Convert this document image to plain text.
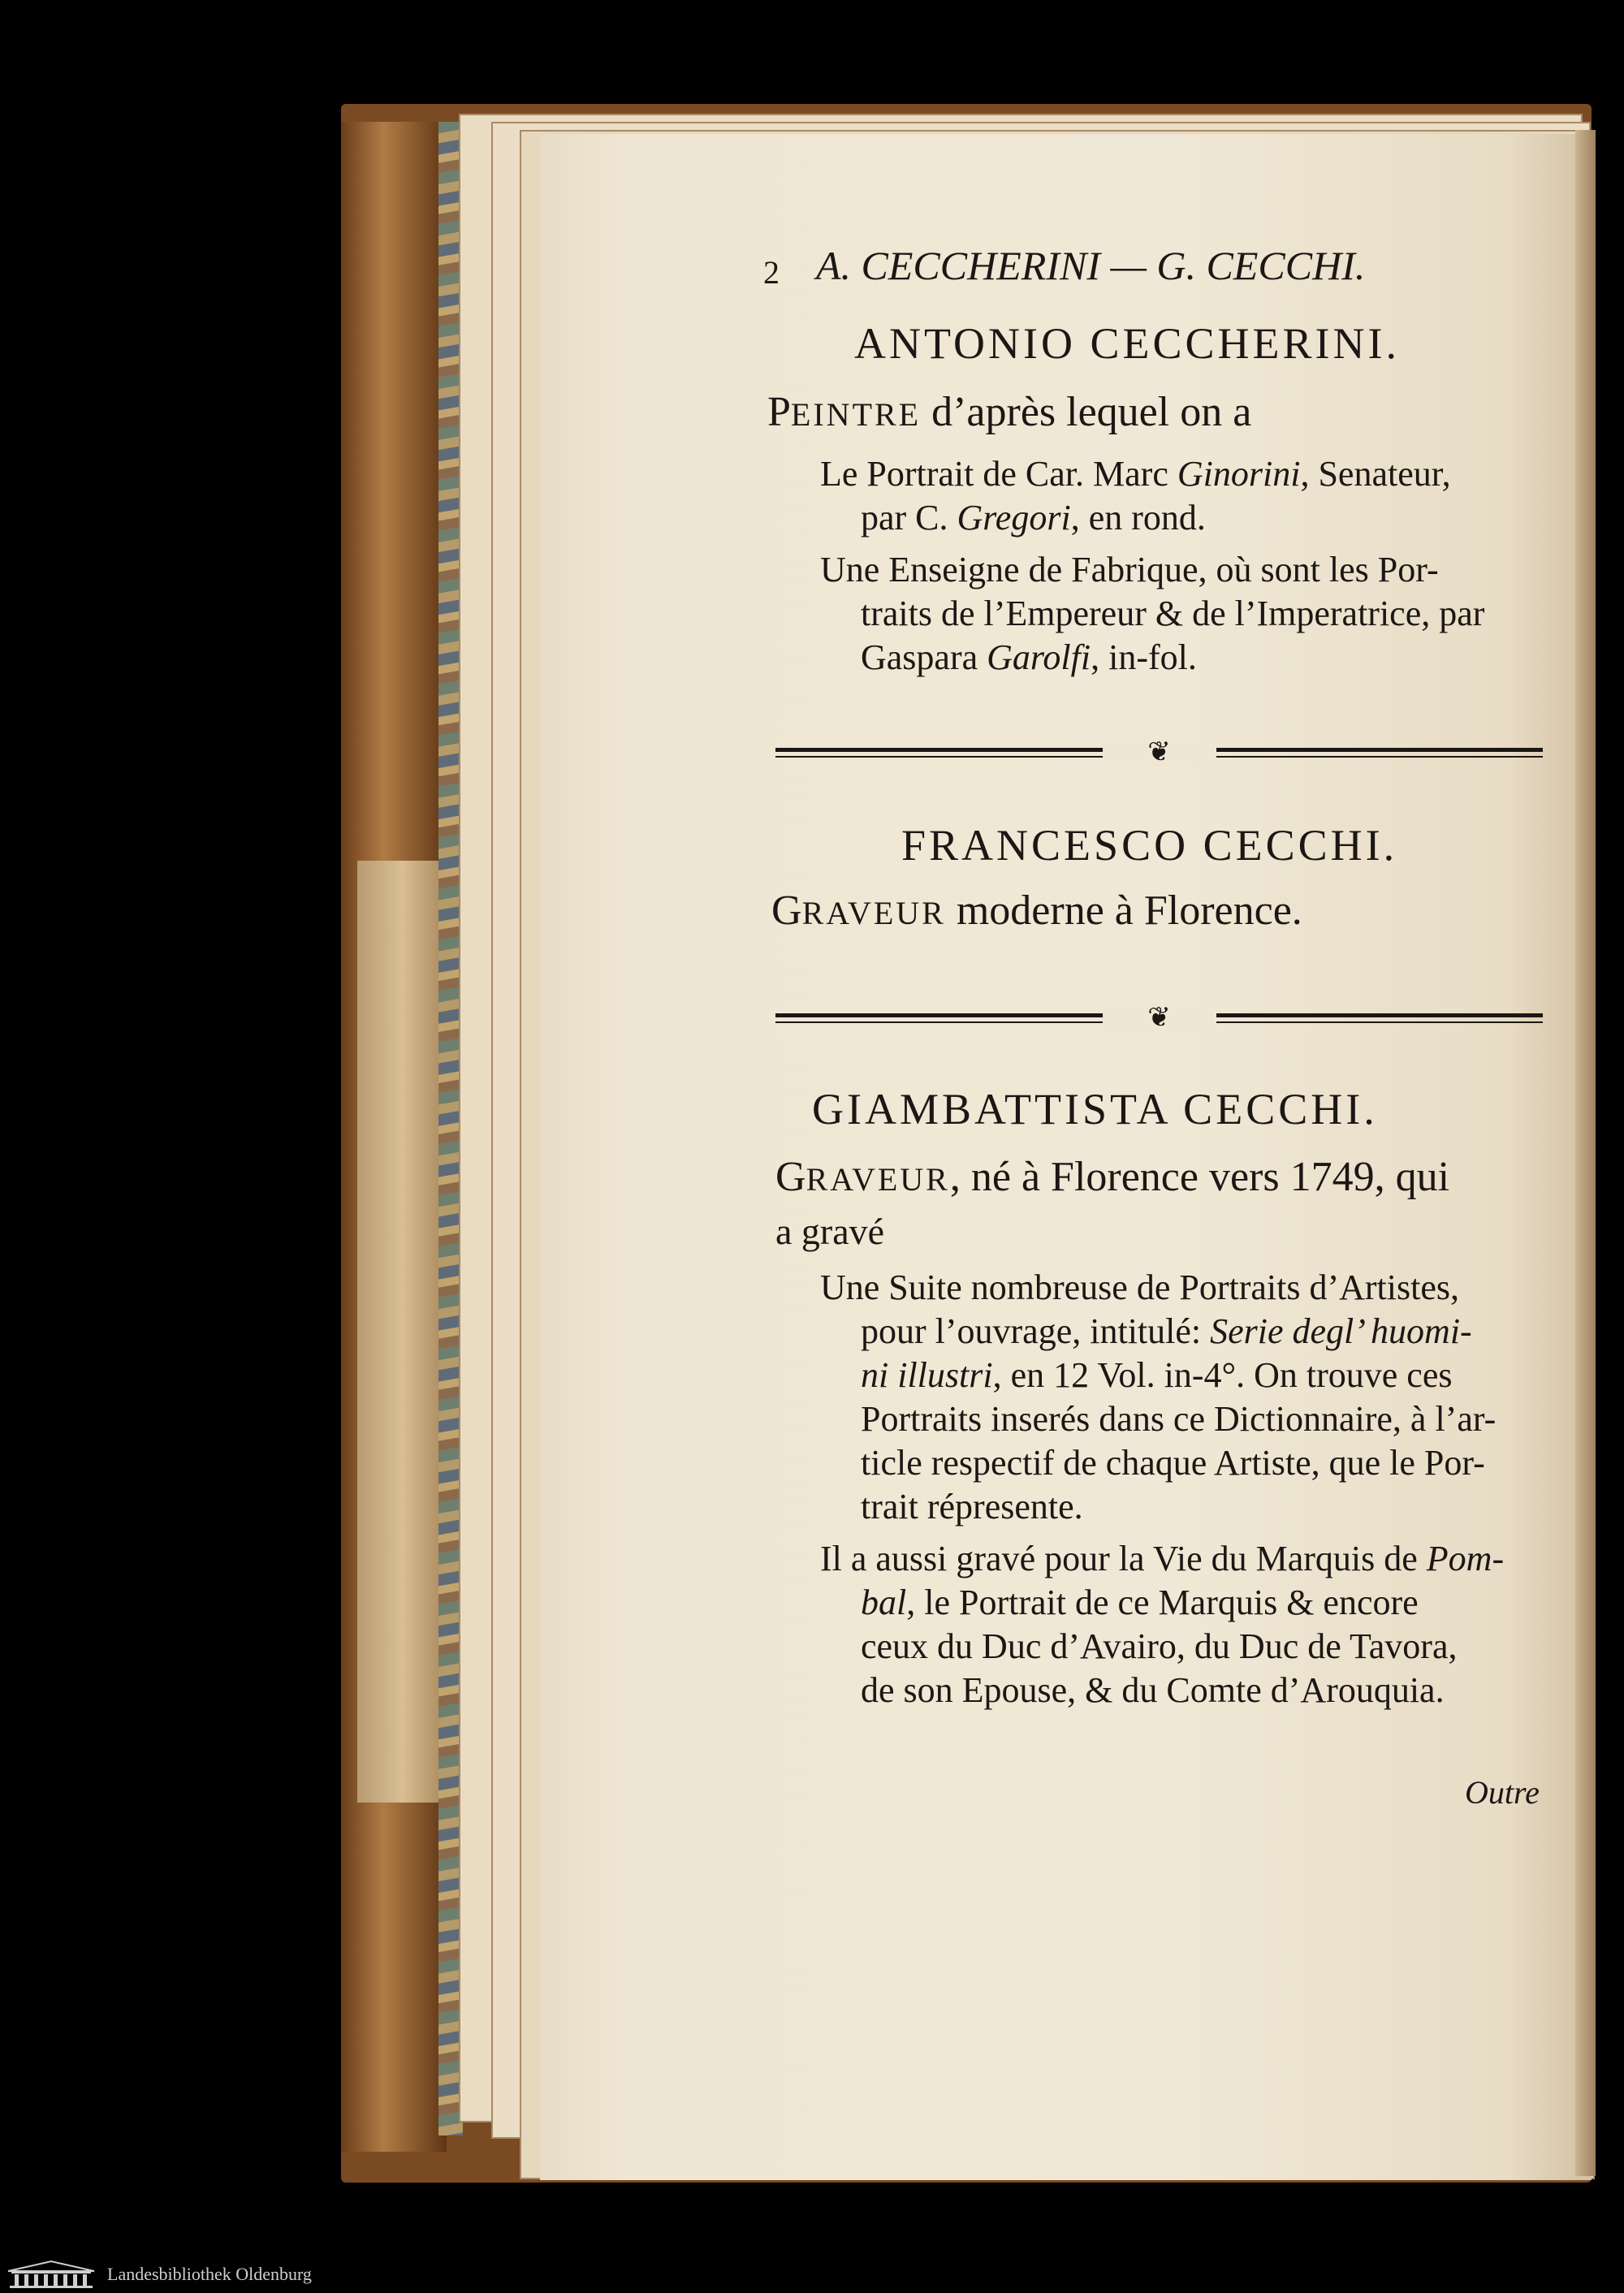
2 A. CECCHERINI — G. CECCHI.
ANTONIO CECCHERINI.
PEINTRE d’après lequel on a
Le Portrait de Car. Marc Ginorini, Senateur,
par C. Gregori, en rond.
Une Enseigne de Fabrique, où sont les Por-
traits de l’Empereur & de l’Imperatrice, par
Gaspara Garolfi, in-fol.
❦
FRANCESCO CECCHI.
GRAVEUR moderne à Florence.
❦
GIAMBATTISTA CECCHI.
GRAVEUR, né à Florence vers 1749, qui
a gravé
Une Suite nombreuse de Portraits d’Artistes,
pour l’ouvrage, intitulé: Serie degl’ huomi-
ni illustri, en 12 Vol. in-4°. On trouve ces
Portraits inserés dans ce Dictionnaire, à l’ar-
ticle respectif de chaque Artiste, que le Por-
trait répresente.
Il a aussi gravé pour la Vie du Marquis de Pom-
bal, le Portrait de ce Marquis & encore
ceux du Duc d’Avairo, du Duc de Tavora,
de son Epouse, & du Comte d’Arouquia.
Outre
Landesbibliothek Oldenburg
